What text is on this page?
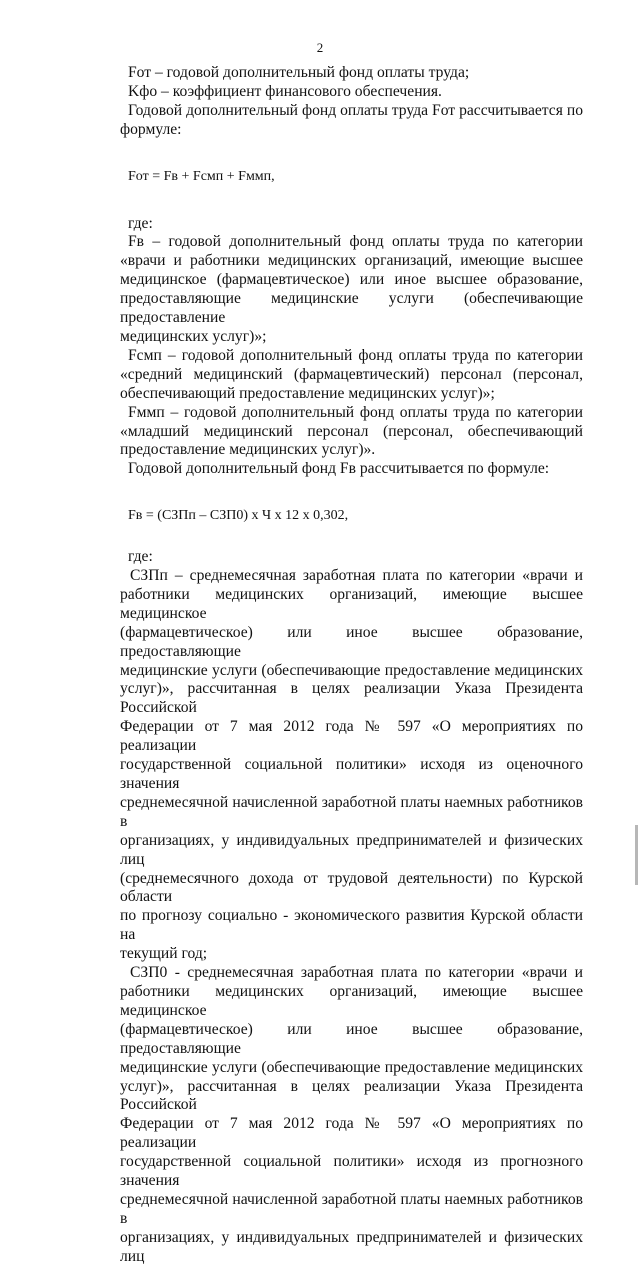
2

Fот – годовой дополнительный фонд оплаты труда;

Kфо – коэффициент финансового обеспечения.

Годовой дополнительный фонд оплаты труда Fот рассчитывается по

формуле:

Fот = Fв + Fсмп + Fммп,

где:

Fв – годовой дополнительный фонд оплаты труда по категории

«врачи и работники медицинских организаций, имеющие высшее

медицинское (фармацевтическое) или иное высшее образование,

предоставляющие медицинские услуги (обеспечивающие предоставление

медицинских услуг)»;

Fсмп – годовой дополнительный фонд оплаты труда по категории

«средний медицинский (фармацевтический) персонал (персонал,

обеспечивающий предоставление медицинских услуг)»;

Fммп – годовой дополнительный фонд оплаты труда по категории

«младший медицинский персонал (персонал, обеспечивающий

предоставление медицинских услуг)».

Годовой дополнительный фонд Fв рассчитывается по формуле:

Fв = (СЗПп – СЗП0) x Ч x 12 x 0,302,

где:

СЗПп – среднемесячная заработная плата по категории «врачи и

работники медицинских организаций, имеющие высшее медицинское

(фармацевтическое) или иное высшее образование, предоставляющие

медицинские услуги (обеспечивающие предоставление медицинских

услуг)», рассчитанная в целях реализации Указа Президента Российской

Федерации от 7 мая 2012 года № 597 «О мероприятиях по реализации

государственной социальной политики» исходя из оценочного значения

среднемесячной начисленной заработной платы наемных работников в

организациях, у индивидуальных предпринимателей и физических лиц

(среднемесячного дохода от трудовой деятельности) по Курской области

по прогнозу социально - экономического развития Курской области на

текущий год;

СЗП0 - среднемесячная заработная плата по категории «врачи и

работники медицинских организаций, имеющие высшее медицинское

(фармацевтическое) или иное высшее образование, предоставляющие

медицинские услуги (обеспечивающие предоставление медицинских

услуг)», рассчитанная в целях реализации Указа Президента Российской

Федерации от 7 мая 2012 года № 597 «О мероприятиях по реализации

государственной социальной политики» исходя из прогнозного значения

среднемесячной начисленной заработной платы наемных работников в

организациях, у индивидуальных предпринимателей и физических лиц
